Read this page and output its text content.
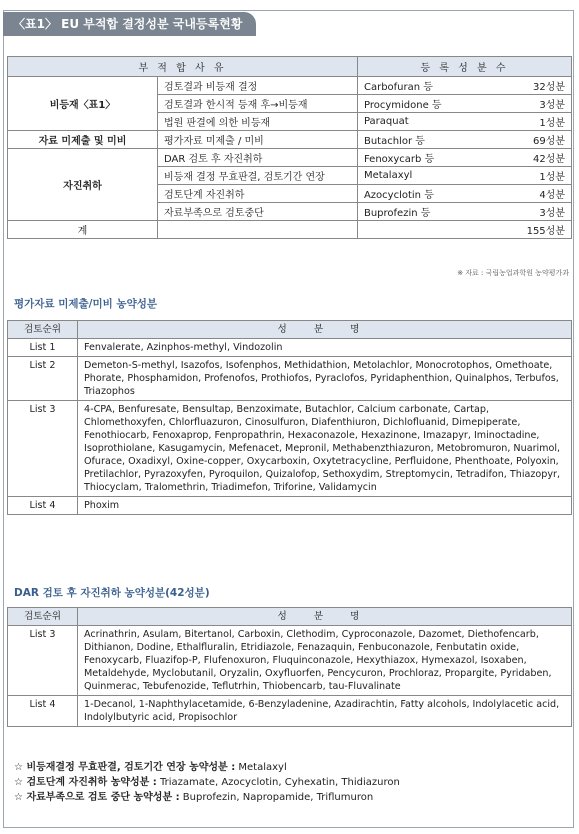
〈표1〉 EU 부적합 결정성분 국내등록현황
부 적 합 사 유		등 록 성 분 수	
비등재〈표1〉	검토결과 비등재 결정	Carbofuran 등	32성분
	검토결과 한시적 등재 후→비등재	Procymidone 등	3성분
	법원 판결에 의한 비등재	Paraquat	1성분
자료 미제출 및 미비	평가자료 미제출 / 미비	Butachlor 등	69성분
자진취하	DAR 검토 후 자진취하	Fenoxycarb 등	42성분
	비등재 결정 무효판결, 검토기간 연장	Metalaxyl	1성분
	검토단계 자진취하	Azocyclotin 등	4성분
	자료부족으로 검토중단	Buprofezin 등	3성분
계			155성분
※ 자료 : 국립농업과학원 농약평가과
평가자료 미제출/미비 농약성분
검토순위	성 분 명
List 1	Fenvalerate, Azinphos-methyl, Vindozolin
List 2	Demeton-S-methyl, Isazofos, Isofenphos, Methidathion, Metolachlor, Monocrotophos, Omethoate, Phorate, Phosphamidon, Profenofos, Prothiofos, Pyraclofos, Pyridaphenthion, Quinalphos, Terbufos, Triazophos
List 3	4-CPA, Benfuresate, Bensultap, Benzoximate, Butachlor, Calcium carbonate, Cartap, Chlomethoxyfen, Chlorfluazuron, Cinosulfuron, Diafenthiuron, Dichlofluanid, Dimepiperate, Fenothiocarb, Fenoxaprop, Fenpropathrin, Hexaconazole, Hexazinone, Imazapyr, Iminoctadine, Isoprothiolane, Kasugamycin, Mefenacet, Mepronil, Methabenzthiazuron, Metobromuron, Nuarimol, Ofurace, Oxadixyl, Oxine-copper, Oxycarboxin, Oxytetracycline, Perfluidone, Phenthoate, Polyoxin, Pretilachlor, Pyrazoxyfen, Pyroquilon, Quizalofop, Sethoxydim, Streptomycin, Tetradifon, Thiazopyr, Thiocyclam, Tralomethrin, Triadimefon, Triforine, Validamycin
List 4	Phoxim
DAR 검토 후 자진취하 농약성분(42성분)
검토순위	성 분 명
List 3	Acrinathrin, Asulam, Bitertanol, Carboxin, Clethodim, Cyproconazole, Dazomet, Diethofencarb, Dithianon, Dodine, Ethalfluralin, Etridiazole, Fenazaquin, Fenbuconazole, Fenbutatin oxide, Fenoxycarb, Fluazifop-P, Flufenoxuron, Fluquinconazole, Hexythiazox, Hymexazol, Isoxaben, Metaldehyde, Myclobutanil, Oryzalin, Oxyfluorfen, Pencycuron, Prochloraz, Propargite, Pyridaben, Quinmerac, Tebufenozide, Teflutrhin, Thiobencarb, tau-Fluvalinate
List 4	1-Decanol, 1-Naphthylacetamide, 6-Benzyladenine, Azadirachtin, Fatty alcohols, Indolylacetic acid, Indolylbutyric acid, Propisochlor
☆ 비등재결정 무효판결, 검토기간 연장 농약성분 : Metalaxyl
☆ 검토단계 자진취하 농약성분 : Triazamate, Azocyclotin, Cyhexatin, Thidiazuron
☆ 자료부족으로 검토 중단 농약성분 : Buprofezin, Napropamide, Triflumuron
